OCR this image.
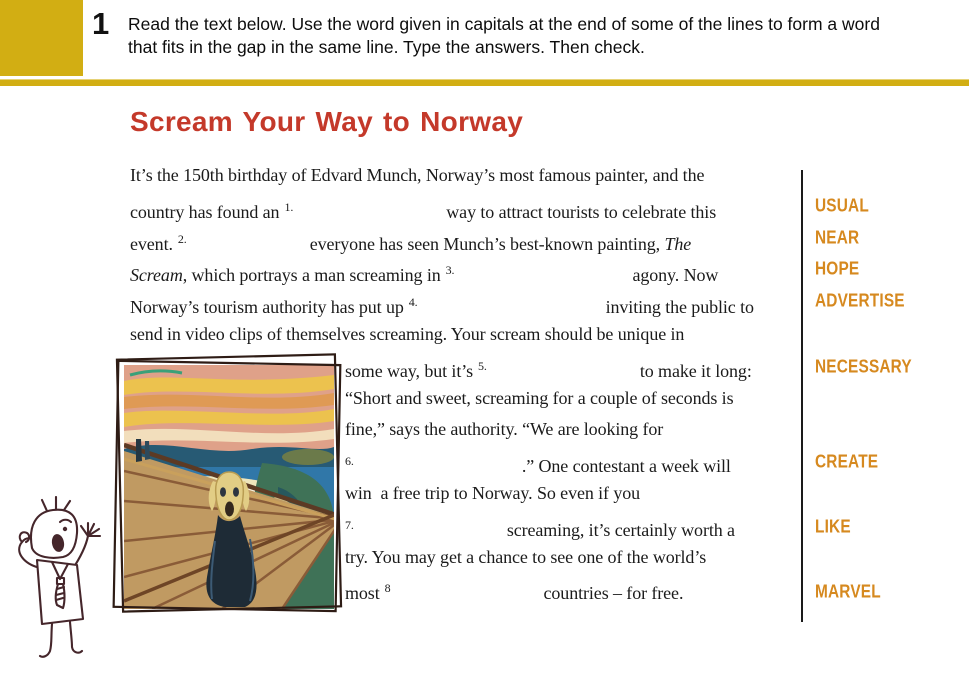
1 Read the text below. Use the word given in capitals at the end of some of the lines to form a word
that fits in the gap in the same line. Type the answers. Then check.
Scream Your Way to Norway
It’s the 150th birthday of Edvard Munch, Norway’s most famous painter, and the
country has found an $^{1.}$	way to attract tourists to celebrate this
event. $^{2.}$	everyone has seen Munch’s best-known painting, The
Scream, which portrays a man screaming in $^{3.}$	agony. Now
Norway’s tourism authority has put up $^{4.}$	inviting the public to
send in video clips of themselves screaming. Your scream should be unique in
some way, but it’s $^{5.}$	to make it long:
“Short and sweet, screaming for a couple of seconds is
fine,” says the authority. “We are looking for
$^{6.}$	.” One contestant a week will
win  a free trip to Norway. So even if you
$^{7.}$	screaming, it’s certainly worth a
try. You may get a chance to see one of the world’s
most $^8$	countries – for free.
USUAL
NEAR
HOPE
ADVERTISE
NECESSARY
CREATE
LIKE
MARVEL
